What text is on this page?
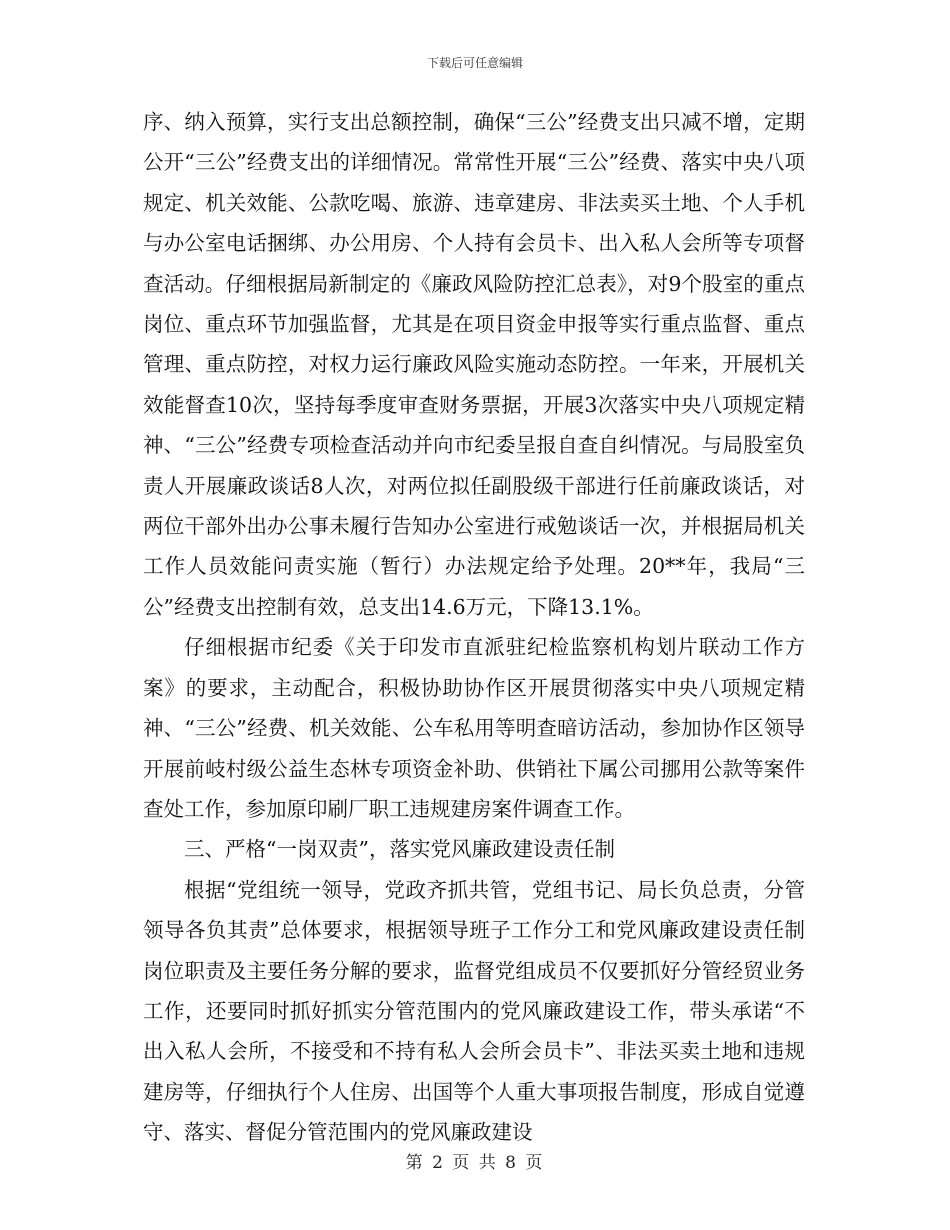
下载后可任意编辑

序、纳入预算，实行支出总额控制，确保“三公”经费支出只减不增，定期公开“三公”经费支出的详细情况。常常性开展“三公”经费、落实中央八项规定、机关效能、公款吃喝、旅游、违章建房、非法卖买土地、个人手机与办公室电话捆绑、办公用房、个人持有会员卡、出入私人会所等专项督查活动。仔细根据局新制定的《廉政风险防控汇总表》，对9个股室的重点岗位、重点环节加强监督，尤其是在项目资金申报等实行重点监督、重点管理、重点防控，对权力运行廉政风险实施动态防控。一年来，开展机关效能督查10次，坚持每季度审查财务票据，开展3次落实中央八项规定精神、“三公”经费专项检查活动并向市纪委呈报自查自纠情况。与局股室负责人开展廉政谈话8人次，对两位拟任副股级干部进行任前廉政谈话，对两位干部外出办公事未履行告知办公室进行戒勉谈话一次，并根据局机关工作人员效能问责实施（暂行）办法规定给予处理。20**年，我局“三公”经费支出控制有效，总支出14.6万元，下降13.1%。

仔细根据市纪委《关于印发市直派驻纪检监察机构划片联动工作方案》的要求，主动配合，积极协助协作区开展贯彻落实中央八项规定精神、“三公”经费、机关效能、公车私用等明查暗访活动，参加协作区领导开展前岐村级公益生态林专项资金补助、供销社下属公司挪用公款等案件查处工作，参加原印刷厂职工违规建房案件调查工作。

三、严格“一岗双责”，落实党风廉政建设责任制

根据“党组统一领导，党政齐抓共管，党组书记、局长负总责，分管领导各负其责”总体要求，根据领导班子工作分工和党风廉政建设责任制岗位职责及主要任务分解的要求，监督党组成员不仅要抓好分管经贸业务工作，还要同时抓好抓实分管范围内的党风廉政建设工作，带头承诺“不出入私人会所，不接受和不持有私人会所会员卡”、非法买卖土地和违规建房等，仔细执行个人住房、出国等个人重大事项报告制度，形成自觉遵守、落实、督促分管范围内的党风廉政建设

第 2 页 共 8 页
